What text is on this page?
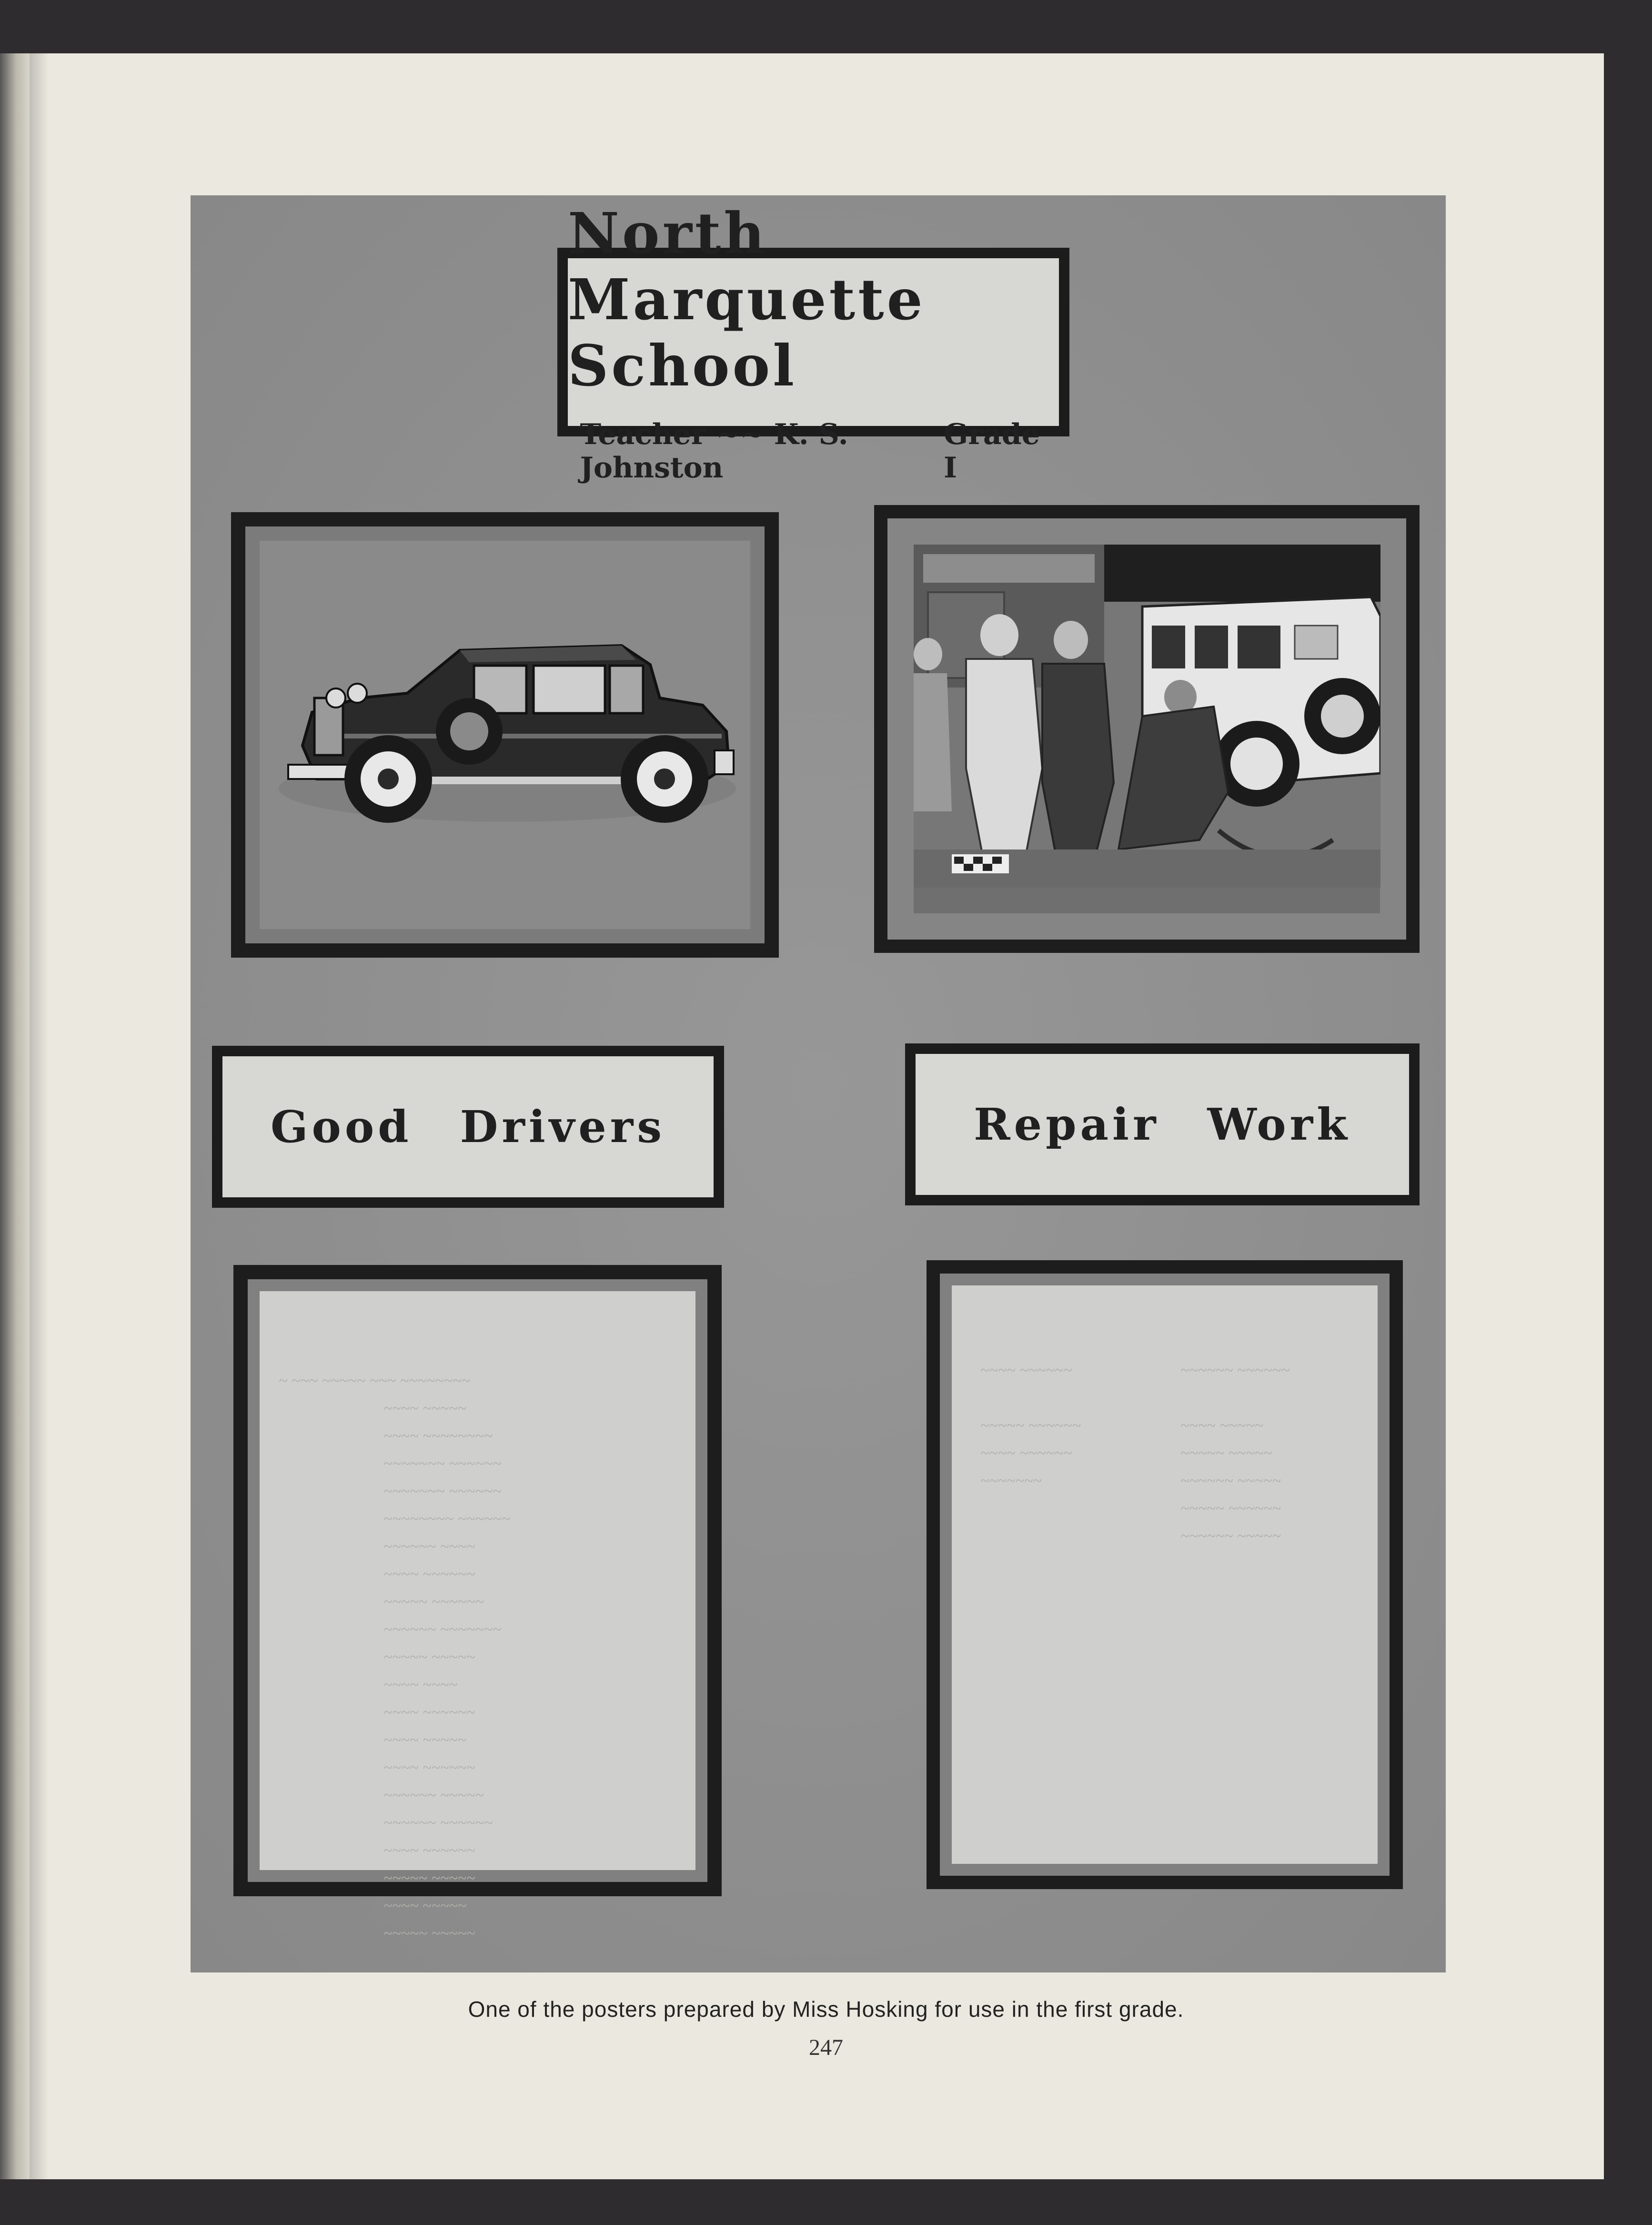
North Marquette School
Teacher ~~ K. S. Johnston
Grade I
Good Drivers	Repair Work
~ ~~~ ~~~~~ ~~~ ~~~~~~~~
~~~~ ~~~~~
~~~~ ~~~~~~~~
~~~~~~~ ~~~~~~
~~~~~~~ ~~~~~~
~~~~~~~~ ~~~~~~
~~~~~~ ~~~~
~~~~ ~~~~~~
~~~~~ ~~~~~~
~~~~~~ ~~~~~~~
~~~~~ ~~~~~
~~~~ ~~~~
~~~~ ~~~~~~
~~~~ ~~~~~
~~~~ ~~~~~~
~~~~~~ ~~~~~
~~~~~~ ~~~~~~
~~~~ ~~~~~~
~~~~~ ~~~~~
~~~~ ~~~~~
~~~~~ ~~~~~
~~~~ ~~~~~~

~~~~~ ~~~~~~
~~~~ ~~~~~~
~~~~~~~
~~~~~~ ~~~~~~

~~~~ ~~~~~
~~~~~ ~~~~~
~~~~~~ ~~~~~
~~~~~ ~~~~~~
~~~~~~ ~~~~~
One of the posters prepared by Miss Hosking for use in the first grade.
247
